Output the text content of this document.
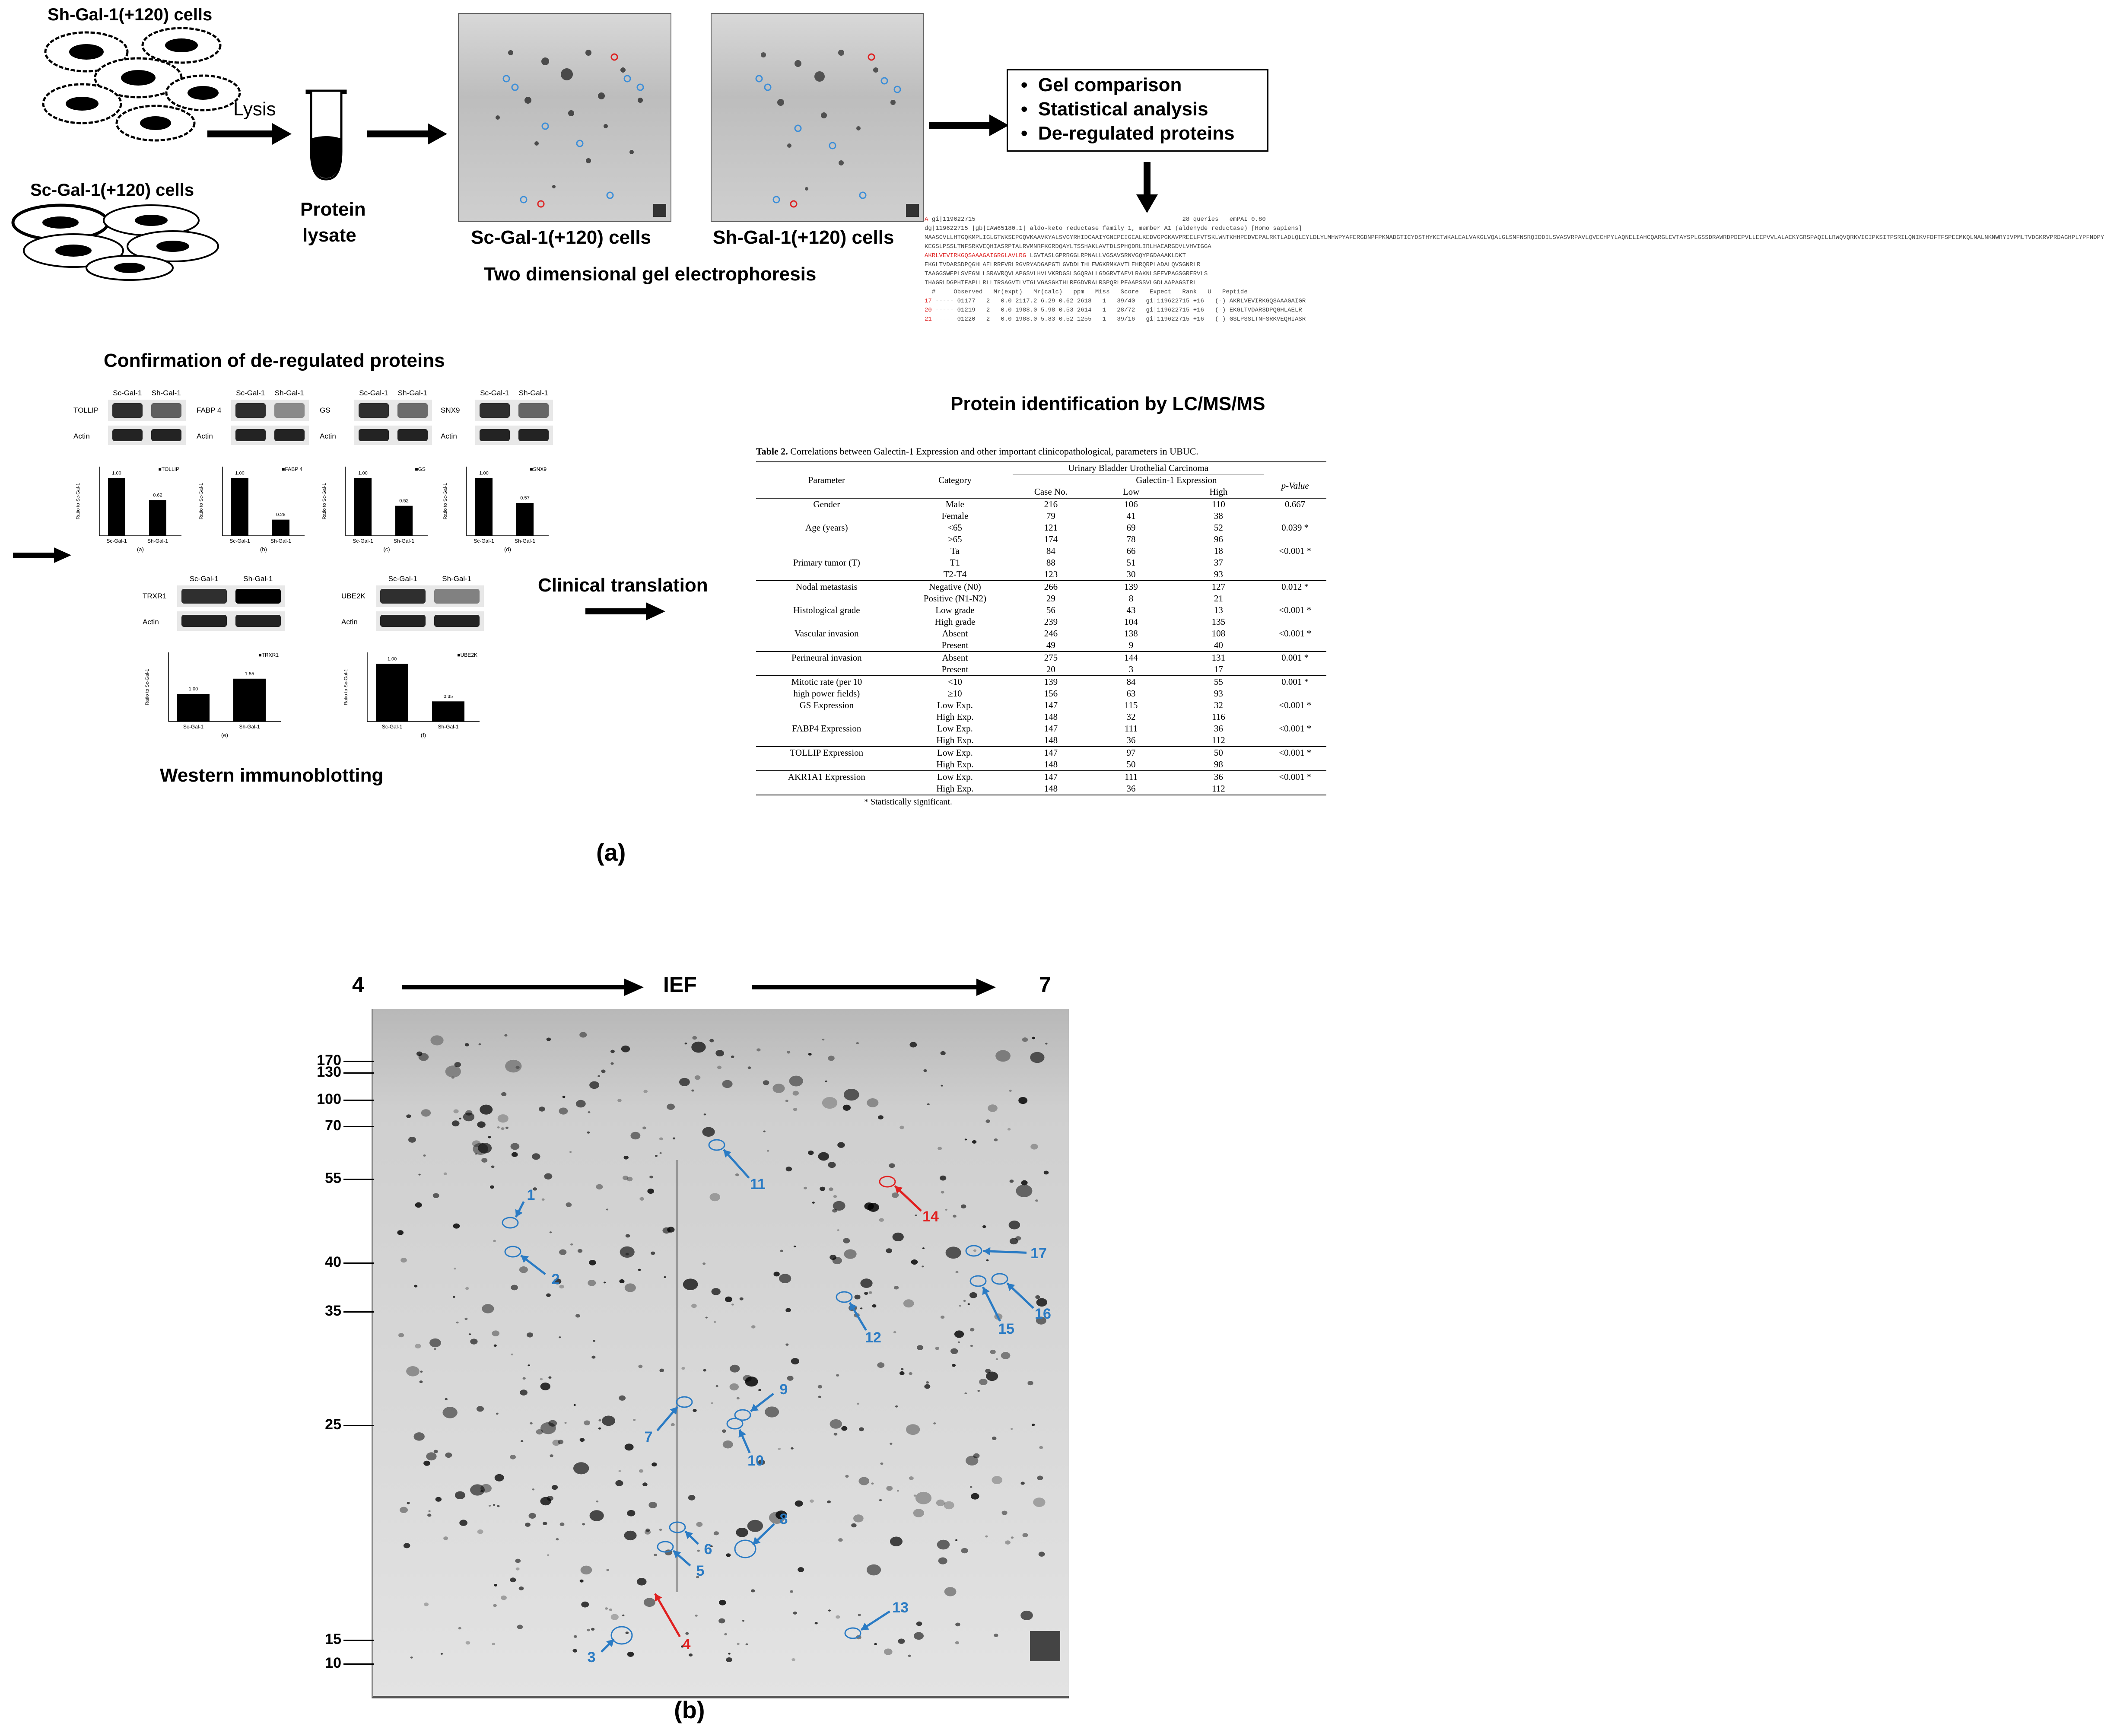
Sh-Gal-1(+120) cells
Sc-Gal-1(+120) cells
Lysis
Protein
lysate	Sc-Gal-1(+120) cells	Sh-Gal-1(+120) cells
Two dimensional gel electrophoresis
•  Gel comparison
•  Statistical analysis
•  De-regulated proteins
A gi|119622715                                                         28 queries   emPAI 0.80
dg|119622715 |gb|EAW65180.1| aldo-keto reductase family 1, member A1 (aldehyde reductase) [Homo sapiens]
MAASCVLLHTGQKMPLIGLGTWKSEPGQVKAAVKYALSVGYRHIDCAAIYGNEPEIGEALKEDVGPGKAVPREELFVTSKLWNTKHHPEDVEPALRKTLADLQLEYLDLYLMHWPYAFERGDNPFPKNADGTICYDSTHYKETWKALEALVAKGLVQALGLSNFNSRQIDDILSVASVRPAVLQVECHPYLAQNELIAHCQARGLEVTAYSPLGSSDRAWRDPDEPVLLEEPVVLALAEKYGRSPAQILLRWQVQRKVICIPKSITPSRILQNIKVFDFTFSPEEMKQLNALNKNWRYIVPMLTVDGKRVPRDAGHPLYPFNDPY
KEGSLPSSLTNFSRKVEQHIASRPTALRVMNRFKGRDQAYLTSSHAKLAVTDLSPHQDRLIRLHAEARGDVLVHVIGGA
AKRLVEVIRKGQSAAAGAIGRGLAVLRG LGVTASLGPRRGGLRPNALLVGSAVSRNVGQYPGDAAAKLDKT
EKGLTVDARSDPQGHLAELRRFVRLRGVRYADGAPGTLGVDDLTHLEWGKRMKAVTLEHRQRPLADALQVSGNRLR
TAAGGSWEPLSVEGNLLSRAVRQVLAPGSVLHVLVKRDGSLSGQRALLGDGRVTAEVLRAKNLSFEVPAGSGRERVLS
IHAGRLDGPHTEAPLLRLLTRSAGVTLVTGLVGASGKTHLREGDVRALRSPQRLPFAAPSSVLGDLAAPAGSIRL
#     Observed   Mr(expt)   Mr(calc)   ppm   Miss   Score   Expect   Rank   U   Peptide
17 ----- 01177   2   0.0 2117.2 6.29 0.62 2618   1   39/40   gi|119622715 +16   (-) AKRLVEVIRKGQSAAAGAIGR
20 ----- 01219   2   0.0 1988.0 5.98 0.53 2614   1   28/72   gi|119622715 +16   (-) EKGLTVDARSDPQGHLAELR
21 ----- 01220   2   0.0 1988.0 5.83 0.52 1255   1   39/16   gi|119622715 +16   (-) GSLPSSLTNFSRKVEQHIASR
Protein identification by LC/MS/MS
Confirmation of de-regulated proteins
Sc-Gal-1 Sh-Gal-1
TOLLIP
Actin
Ratio to Sc-Gal-1
1.00
Sc-Gal-1
0.62
Sh-Gal-1
■TOLLIP
(a)
Sc-Gal-1 Sh-Gal-1
FABP 4
Actin
Ratio to Sc-Gal-1
1.00
Sc-Gal-1
0.28
Sh-Gal-1
■FABP 4
(b)
Sc-Gal-1 Sh-Gal-1
GS
Actin
Ratio to Sc-Gal-1
1.00
Sc-Gal-1
0.52
Sh-Gal-1
■GS
(c)
Sc-Gal-1 Sh-Gal-1
SNX9
Actin
Ratio to Sc-Gal-1
1.00
Sc-Gal-1
0.57
Sh-Gal-1
■SNX9
(d)
Sc-Gal-1	Sh-Gal-1
TRXR1
Actin
Ratio to Sc-Gal-1	1.00
Sc-Gal-1
1.55
Sh-Gal-1
■TRXR1
(e)
Sc-Gal-1	Sh-Gal-1
UBE2K
Actin
Ratio to Sc-Gal-1
1.00
Sc-Gal-1
0.35
Sh-Gal-1
■UBE2K
(f)
Western immunoblotting
Clinical translation
(a)
Table 2. Correlations between Galectin-1 Expression and other important clinicopathological, parameters in UBUC.
Parameter	Category	Urinary Bladder Urothelial Carcinoma			
		Case No.	Galectin-1 Expression		p-Value
			Low	High	
Gender	Male	216	106	110	0.667
	Female	79	41	38	
Age (years)	<65	121	69	52	0.039 *
	≥65	174	78	96	
	Ta	84	66	18	<0.001 *
Primary tumor (T)	T1	88	51	37	
	T2-T4	123	30	93	
Nodal metastasis	Negative (N0)	266	139	127	0.012 *
	Positive (N1-N2)	29	8	21	
Histological grade	Low grade	56	43	13	<0.001 *
	High grade	239	104	135	
Vascular invasion	Absent	246	138	108	<0.001 *
	Present	49	9	40	
Perineural invasion	Absent	275	144	131	0.001 *
	Present	20	3	17	
Mitotic rate (per 10	<10	139	84	55	0.001 *
high power fields)	≥10	156	63	93	
GS Expression	Low Exp.	147	115	32	<0.001 *
	High Exp.	148	32	116	
FABP4 Expression	Low Exp.	147	111	36	<0.001 *
	High Exp.	148	36	112	
TOLLIP Expression	Low Exp.	147	97	50	<0.001 *
	High Exp.	148	50	98	
AKR1A1 Expression	Low Exp.	147	111	36	<0.001 *
	High Exp.	148	36	112	
* Statistically significant.
4	IEF	7
1
2
3
4
5
6
7
8
9
10
11
12
13
14
15
16
17
170
130
100
70
55
40
35
25
15
10
(b)
